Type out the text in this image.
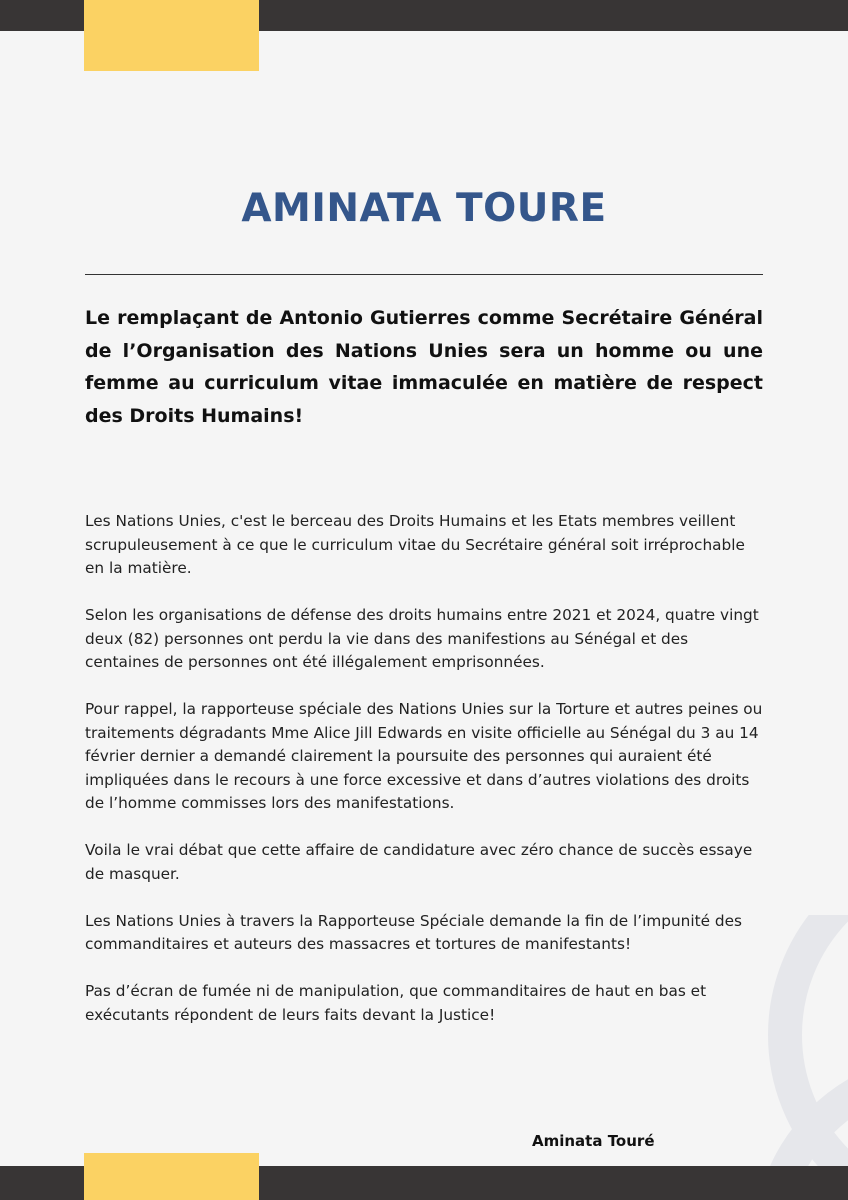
AMINATA TOURE

Le remplaçant de Antonio Gutierres comme Secrétaire Général de l’Organisation des Nations Unies sera un homme ou une femme au curriculum vitae immaculée en matière de respect des Droits Humains!

Les Nations Unies, c'est le berceau des Droits Humains et les Etats membres veillent scrupuleusement à ce que le curriculum vitae du Secrétaire général soit irréprochable en la matière.

Selon les organisations de défense des droits humains entre 2021 et 2024, quatre vingt deux (82) personnes ont perdu la vie dans des manifestions au Sénégal et des centaines de personnes ont été illégalement emprisonnées.

Pour rappel, la rapporteuse spéciale des Nations Unies sur la Torture et autres peines ou traitements dégradants Mme Alice Jill Edwards en visite officielle au Sénégal du 3 au 14 février dernier a demandé clairement la poursuite des personnes qui auraient été impliquées dans le recours à une force excessive et dans d’autres violations des droits de l’homme commisses lors des manifestations.

Voila le vrai débat que cette affaire de candidature avec zéro chance de succès essaye de masquer.

Les Nations Unies à travers la Rapporteuse Spéciale demande la fin de l’impunité des commanditaires et auteurs des massacres et tortures de manifestants!

Pas d’écran de fumée ni de manipulation, que commanditaires de haut en bas et exécutants répondent de leurs faits devant la Justice!

Aminata Touré
